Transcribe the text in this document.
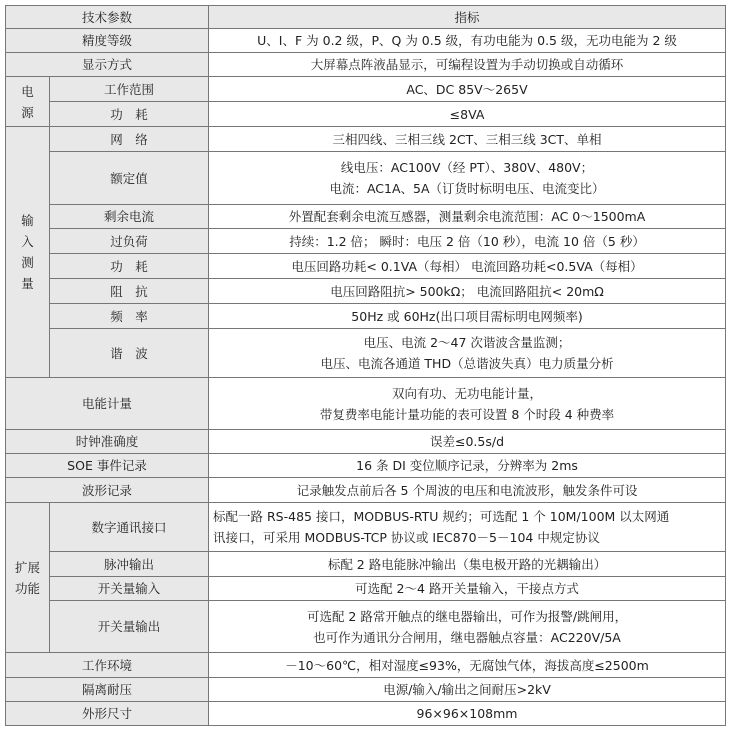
技术参数		指标
精度等级		U、I、F 为 0.2 级，P、Q 为 0.5 级，有功电能为 0.5 级，无功电能为 2 级
显示方式		大屏幕点阵液晶显示，可编程设置为手动切换或自动循环

电
源	工作范围	AC、DC 85V～265V
	功　耗	≤8VA

输
入
测
量	网　络	三相四线、三相三线 2CT、三相三线 3CT、单相
	额定值	线电压：AC100V（经 PT）、380V、480V；
电流：AC1A、5A（订货时标明电压、电流变比）

	剩余电流	外置配套剩余电流互感器，测量剩余电流范围：AC 0～1500mA
	过负荷	持续：1.2 倍； 瞬时：电压 2 倍（10 秒），电流 10 倍（5 秒）
	功　耗	电压回路功耗< 0.1VA（每相） 电流回路功耗<0.5VA（每相）
	阻　抗	电压回路阻抗> 500kΩ； 电流回路阻抗< 20mΩ
	频　率	50Hz 或 60Hz(出口项目需标明电网频率)
	谐　波	电压、电流 2～47 次谐波含量监测；
电压、电流各通道 THD（总谐波失真）电力质量分析

电能计量		双向有功、无功电能计量，
带复费率电能计量功能的表可设置 8 个时段 4 种费率

时钟准确度		误差≤0.5s/d
SOE 事件记录		16 条 DI 变位顺序记录，分辨率为 2ms
波形记录		记录触发点前后各 5 个周波的电压和电流波形，触发条件可设

扩展
功能	数字通讯接口	标配一路 RS-485 接口，MODBUS-RTU 规约；可选配 1 个 10M/100M 以太网通
讯接口，可采用 MODBUS-TCP 协议或 IEC870－5－104 中规定协议

	脉冲输出	标配 2 路电能脉冲输出（集电极开路的光耦输出）
	开关量输入	可选配 2～4 路开关量输入，干接点方式
	开关量输出	可选配 2 路常开触点的继电器输出，可作为报警/跳闸用，
也可作为通讯分合闸用，继电器触点容量：AC220V/5A

工作环境		－10～60℃，相对湿度≤93%，无腐蚀气体，海拔高度≤2500m
隔离耐压		电源/输入/输出之间耐压>2kV
外形尺寸		96×96×108mm
